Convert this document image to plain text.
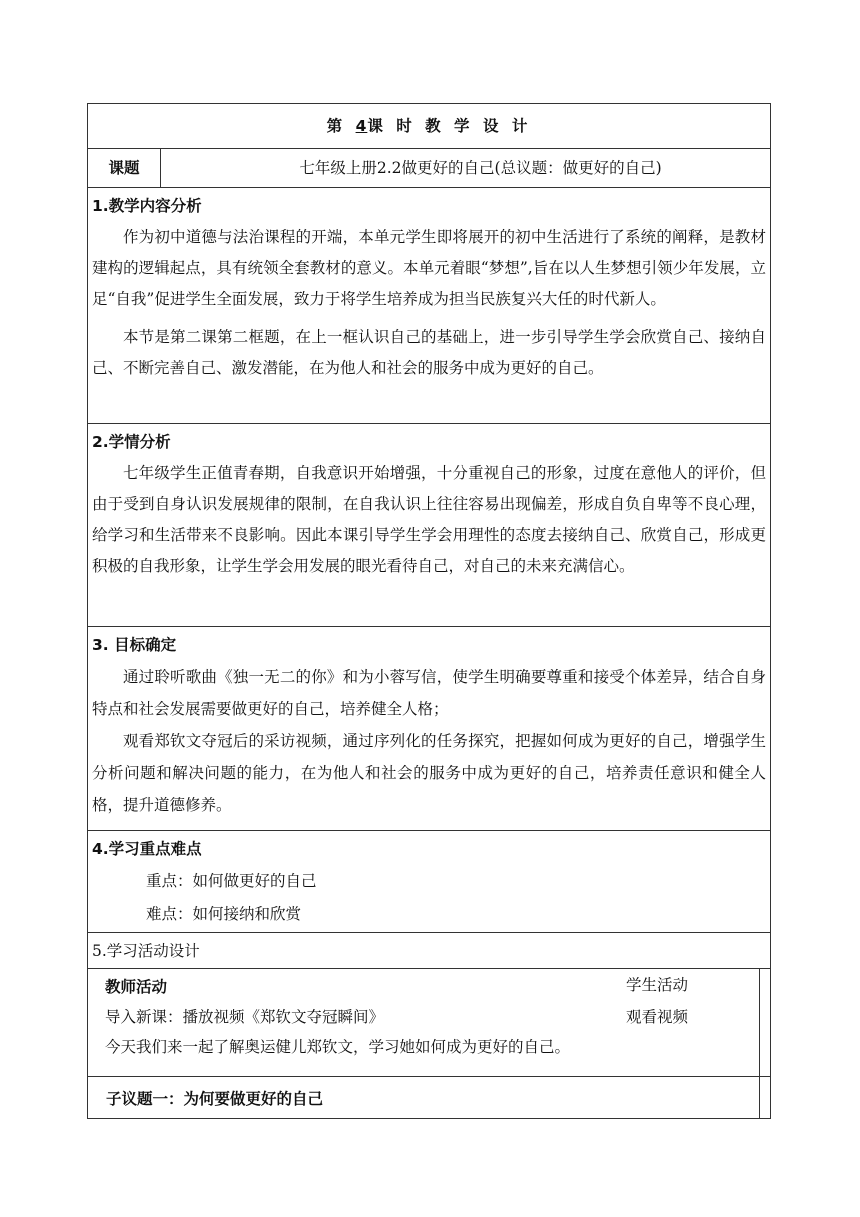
第 4课 时 教 学 设 计
课题	七年级上册2.2做更好的自己(总议题：做更好的自己)
1.教学内容分析
作为初中道德与法治课程的开端，本单元学生即将展开的初中生活进行了系统的阐释，是教材建构的逻辑起点，具有统领全套教材的意义。本单元着眼“梦想”,旨在以人生梦想引领少年发展，立足“自我”促进学生全面发展，致力于将学生培养成为担当民族复兴大任的时代新人。
本节是第二课第二框题，在上一框认识自己的基础上，进一步引导学生学会欣赏自己、接纳自己、不断完善自己、激发潜能，在为他人和社会的服务中成为更好的自己。
2.学情分析
七年级学生正值青春期，自我意识开始增强，十分重视自己的形象，过度在意他人的评价，但由于受到自身认识发展规律的限制，在自我认识上往往容易出现偏差，形成自负自卑等不良心理，给学习和生活带来不良影响。因此本课引导学生学会用理性的态度去接纳自己、欣赏自己，形成更积极的自我形象，让学生学会用发展的眼光看待自己，对自己的未来充满信心。
3. 目标确定
通过聆听歌曲《独一无二的你》和为小蓉写信，使学生明确要尊重和接受个体差异，结合自身特点和社会发展需要做更好的自己，培养健全人格；
观看郑钦文夺冠后的采访视频，通过序列化的任务探究，把握如何成为更好的自己，增强学生分析问题和解决问题的能力，在为他人和社会的服务中成为更好的自己，培养责任意识和健全人格，提升道德修养。
4.学习重点难点
重点：如何做更好的自己
难点：如何接纳和欣赏
5.学习活动设计
教师活动	学生活动
导入新课：播放视频《郑钦文夺冠瞬间》	观看视频
今天我们来一起了解奥运健儿郑钦文，学习她如何成为更好的自己。
子议题一：为何要做更好的自己
